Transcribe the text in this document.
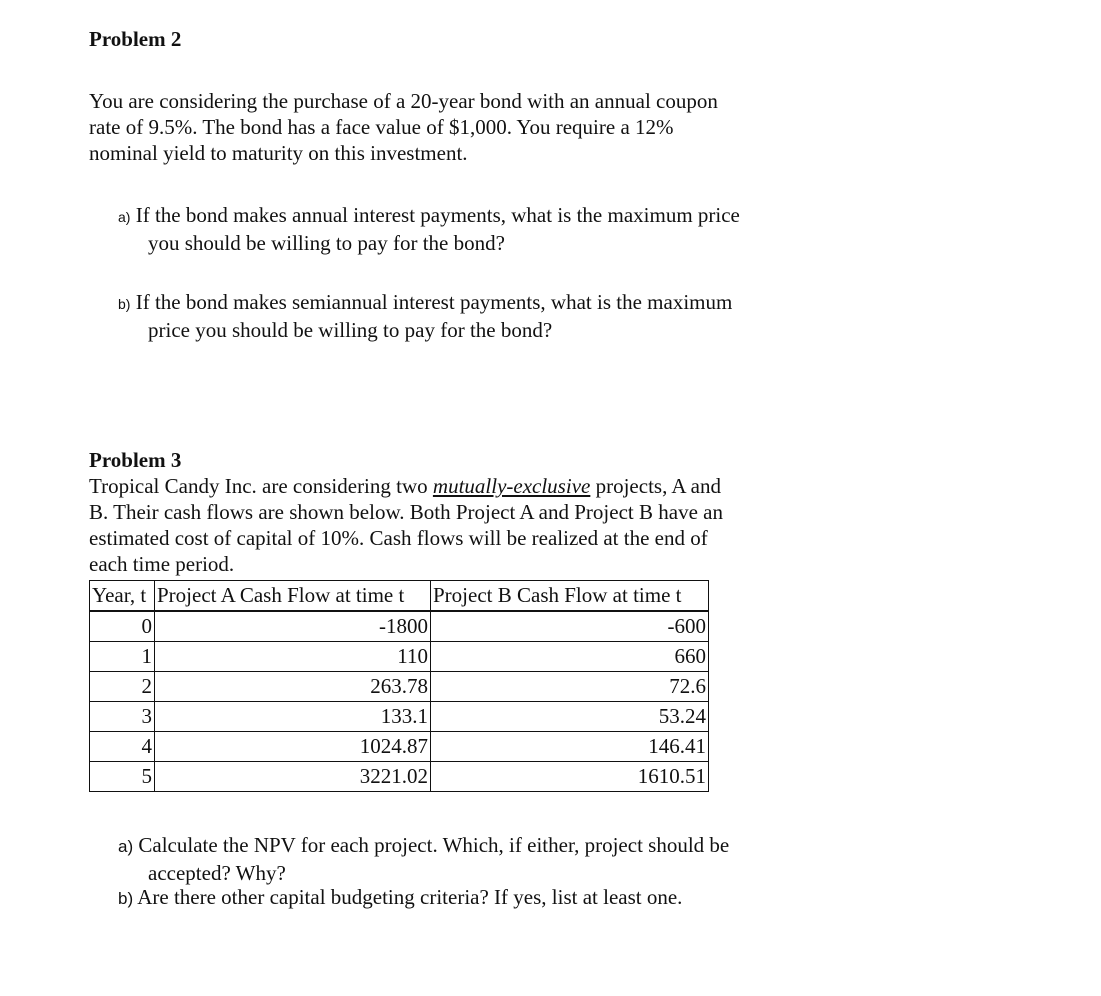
Problem 2
You are considering the purchase of a 20-year bond with an annual coupon
rate of 9.5%. The bond has a face value of $1,000. You require a 12%
nominal yield to maturity on this investment.
a) If the bond makes annual interest payments, what is the maximum price
you should be willing to pay for the bond?
b) If the bond makes semiannual interest payments, what is the maximum
price you should be willing to pay for the bond?
Problem 3
Tropical Candy Inc. are considering two mutually-exclusive projects, A and
B. Their cash flows are shown below. Both Project A and Project B have an
estimated cost of capital of 10%. Cash flows will be realized at the end of
each time period.
Year, t	Project A Cash Flow at time t	Project B Cash Flow at time t
0	-1800	-600
1	110	660
2	263.78	72.6
3	133.1	53.24
4	1024.87	146.41
5	3221.02	1610.51
a) Calculate the NPV for each project. Which, if either, project should be
accepted? Why?
b) Are there other capital budgeting criteria? If yes, list at least one.
